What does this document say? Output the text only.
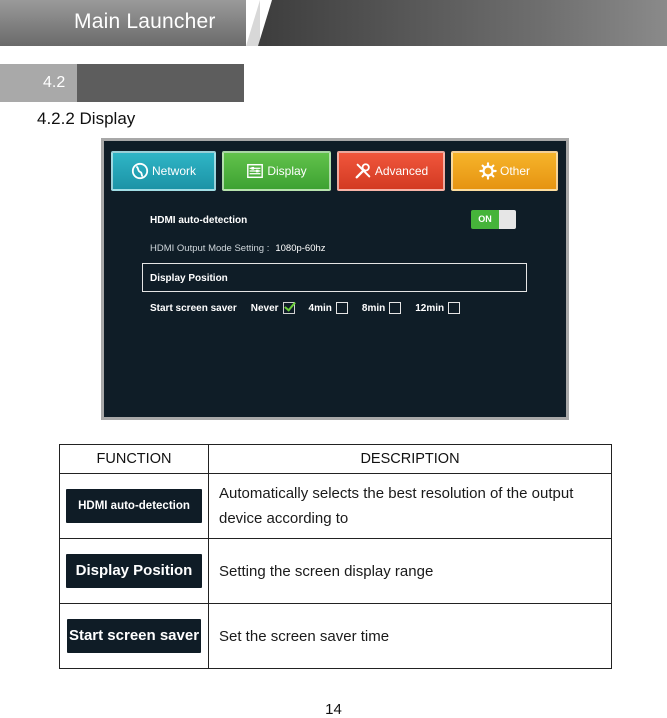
Main Launcher
4.2
4.2.2 Display
Network	Display	Advanced	Other
HDMI auto-detection	ON
HDMI Output Mode Setting : 1080p-60hz
Display Position
Start screen saver Never	4min	8min	12min
FUNCTION	DESCRIPTION

HDMI auto-detection	Automatically selects the best resolution of the output device according to

Display Position	Setting the screen display range

Start screen saver	Set the screen saver time
14
